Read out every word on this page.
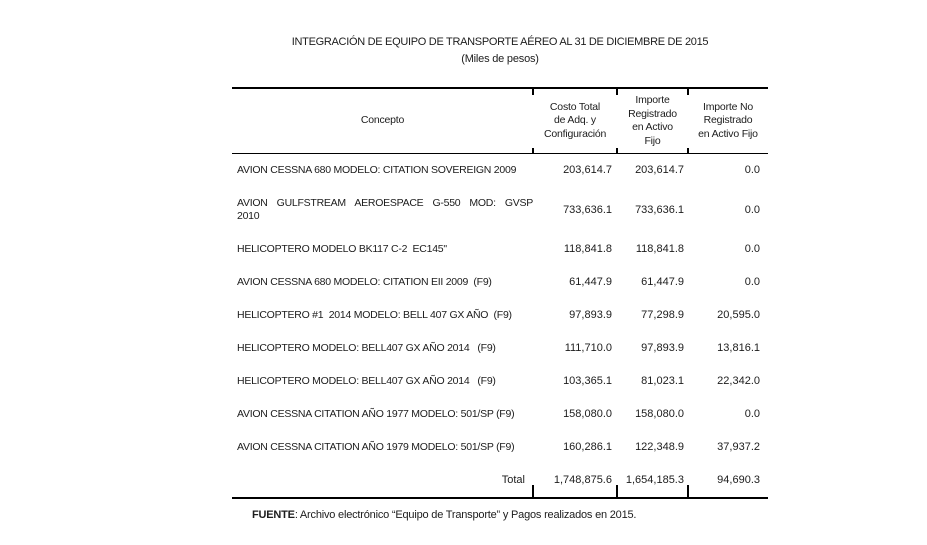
INTEGRACIÓN DE EQUIPO DE TRANSPORTE AÉREO AL 31 DE DICIEMBRE DE 2015
(Miles de pesos)
Concepto	Costo Total de Adq. y Configuración	Importe Registrado en Activo Fijo	Importe No Registrado en Activo Fijo

AVION CESSNA 680 MODELO: CITATION SOVEREIGN 2009	203,614.7	203,614.7	0.0

AVION GULFSTREAM AEROESPACE G-550 MOD: GVSP
2010	733,636.1	733,636.1	0.0
HELICOPTERO MODELO BK117 C-2  EC145"	118,841.8	118,841.8	0.0
AVION CESSNA 680 MODELO: CITATION EII 2009  (F9)	61,447.9	61,447.9	0.0
HELICOPTERO #1  2014 MODELO: BELL 407 GX AÑO  (F9)	97,893.9	77,298.9	20,595.0
HELICOPTERO MODELO: BELL407 GX AÑO 2014   (F9)	111,710.0	97,893.9	13,816.1
HELICOPTERO MODELO: BELL407 GX AÑO 2014   (F9)	103,365.1	81,023.1	22,342.0
AVION CESSNA CITATION AÑO 1977 MODELO: 501/SP (F9)	158,080.0	158,080.0	0.0
AVION CESSNA CITATION AÑO 1979 MODELO: 501/SP (F9)	160,286.1	122,348.9	37,937.2
Total	1,748,875.6	1,654,185.3	94,690.3
FUENTE: Archivo electrónico “Equipo de Transporte” y Pagos realizados en 2015.
